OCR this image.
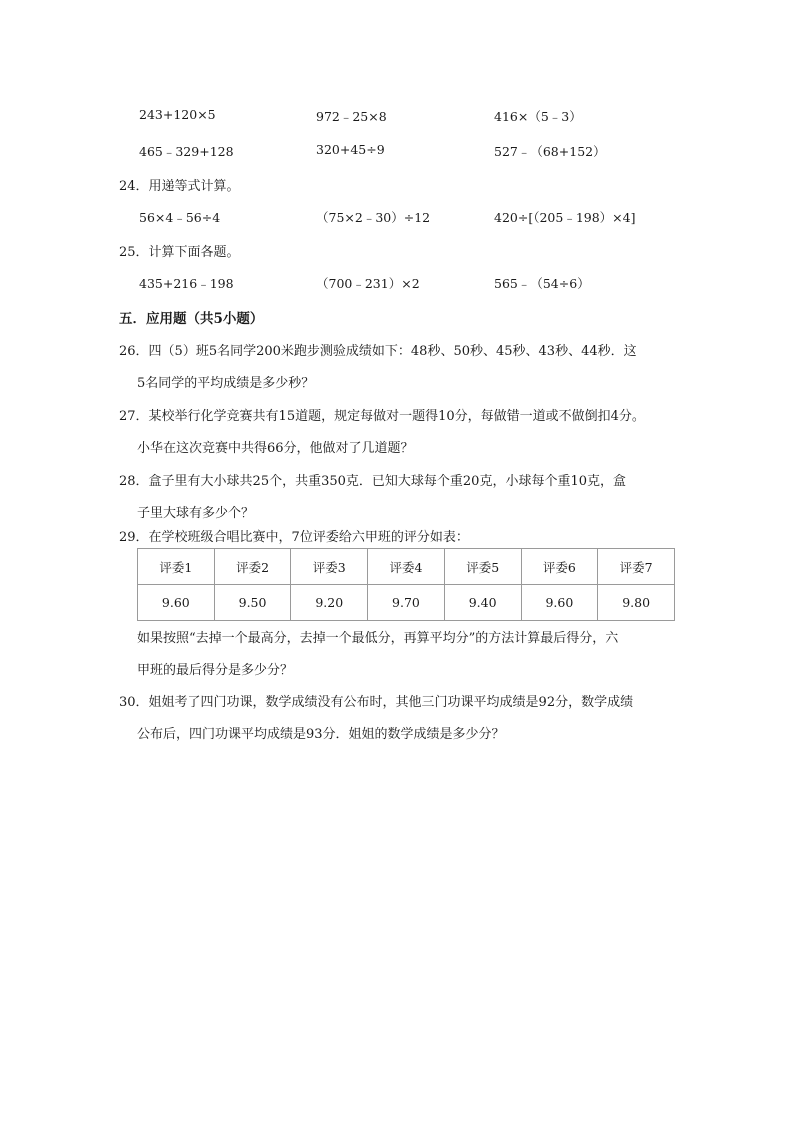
243+120×5	972﹣25×8	416×（5﹣3）
465﹣329+128	320+45÷9	527﹣（68+152）
24．用递等式计算。
56×4﹣56÷4	（75×2﹣30）÷12	420÷[（205﹣198）×4]
25．计算下面各题。
435+216﹣198	（700﹣231）×2	565﹣（54÷6）
五．应用题（共5小题）
26．四（5）班5名同学200米跑步测验成绩如下：48秒、50秒、45秒、43秒、44秒．这
5名同学的平均成绩是多少秒？
27．某校举行化学竞赛共有15道题，规定每做对一题得10分，每做错一道或不做倒扣4分。
小华在这次竞赛中共得66分，他做对了几道题？
28．盒子里有大小球共25个，共重350克．已知大球每个重20克，小球每个重10克，盒
子里大球有多少个？
29．在学校班级合唱比赛中，7位评委给六甲班的评分如表：
评委1	评委2	评委3	评委4	评委5	评委6	评委7
9.60	9.50	9.20	9.70	9.40	9.60	9.80
如果按照“去掉一个最高分，去掉一个最低分，再算平均分”的方法计算最后得分，六
甲班的最后得分是多少分？
30．姐姐考了四门功课，数学成绩没有公布时，其他三门功课平均成绩是92分，数学成绩
公布后，四门功课平均成绩是93分．姐姐的数学成绩是多少分？
